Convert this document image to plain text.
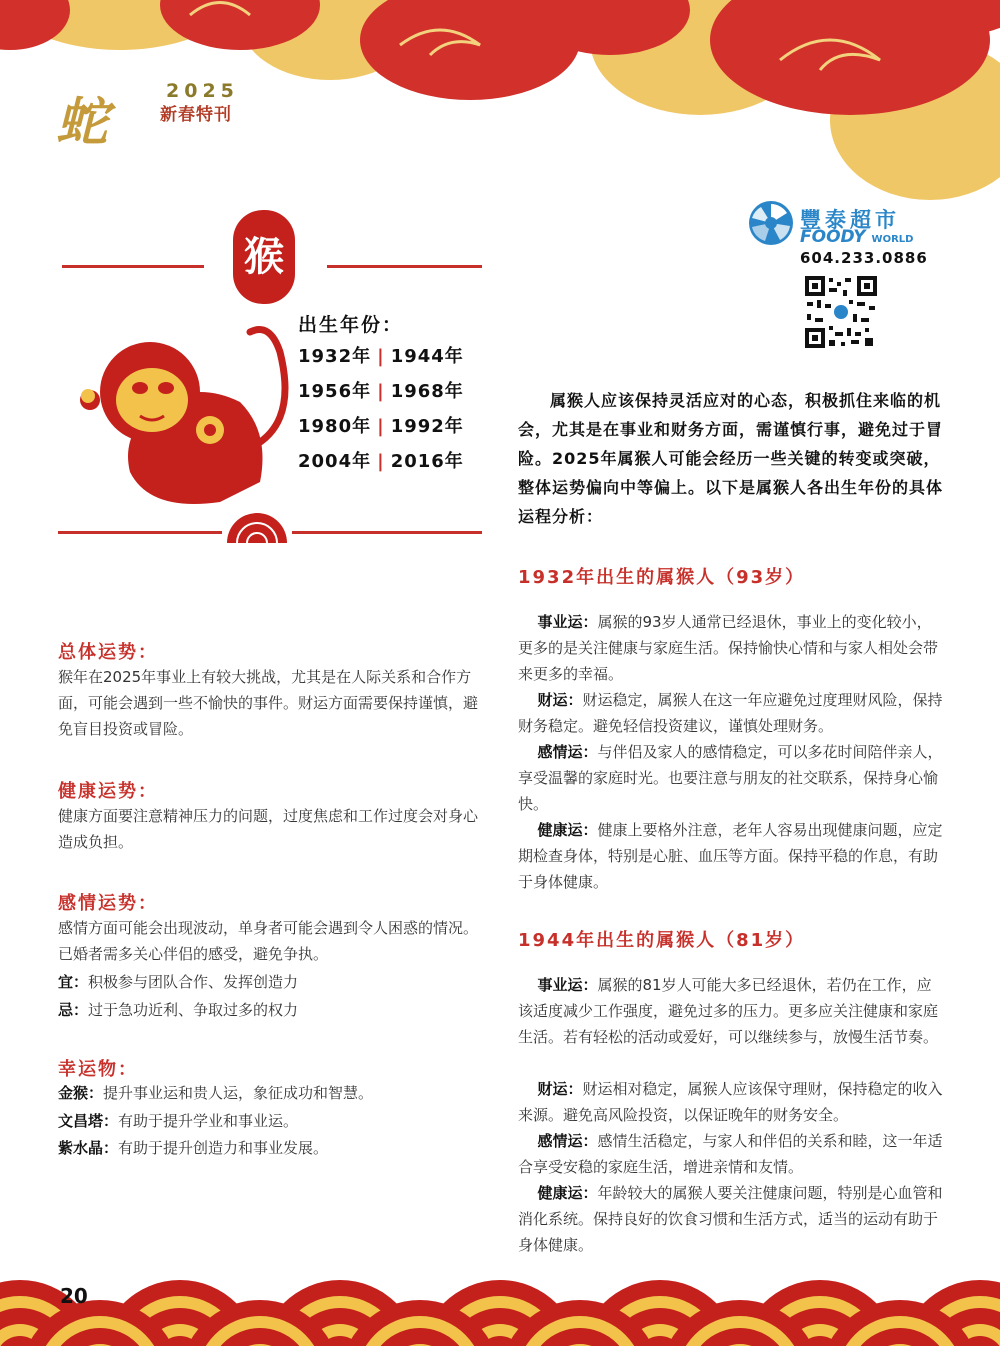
蛇
2025
新春特刊
猴
出生年份：
1932年 | 1944年
1956年 | 1968年
1980年 | 1992年
2004年 | 2016年
豐泰超市
FOODY WORLD
604.233.0886
属猴人应该保持灵活应对的心态，积极抓住来临的机会，尤其是在事业和财务方面，需谨慎行事，避免过于冒险。2025年属猴人可能会经历一些关键的转变或突破，整体运势偏向中等偏上。以下是属猴人各出生年份的具体运程分析：
总体运势：
猴年在2025年事业上有较大挑战，尤其是在人际关系和合作方面，可能会遇到一些不愉快的事件。财运方面需要保持谨慎，避免盲目投资或冒险。
健康运势：
健康方面要注意精神压力的问题，过度焦虑和工作过度会对身心造成负担。
感情运势：
感情方面可能会出现波动，单身者可能会遇到令人困惑的情况。已婚者需多关心伴侣的感受，避免争执。
宜：积极参与团队合作、发挥创造力
忌：过于急功近利、争取过多的权力
幸运物：
金猴：提升事业运和贵人运，象征成功和智慧。
文昌塔：有助于提升学业和事业运。
紫水晶：有助于提升创造力和事业发展。
1932年出生的属猴人（93岁）
事业运：属猴的93岁人通常已经退休，事业上的变化较小，更多的是关注健康与家庭生活。保持愉快心情和与家人相处会带来更多的幸福。
财运：财运稳定，属猴人在这一年应避免过度理财风险，保持财务稳定。避免轻信投资建议，谨慎处理财务。
感情运：与伴侣及家人的感情稳定，可以多花时间陪伴亲人，享受温馨的家庭时光。也要注意与朋友的社交联系，保持身心愉快。
健康运：健康上要格外注意，老年人容易出现健康问题，应定期检查身体，特别是心脏、血压等方面。保持平稳的作息，有助于身体健康。
1944年出生的属猴人（81岁）
事业运：属猴的81岁人可能大多已经退休，若仍在工作，应该适度减少工作强度，避免过多的压力。更多应关注健康和家庭生活。若有轻松的活动或爱好，可以继续参与，放慢生活节奏。
财运：财运相对稳定，属猴人应该保守理财，保持稳定的收入来源。避免高风险投资，以保证晚年的财务安全。
感情运：感情生活稳定，与家人和伴侣的关系和睦，这一年适合享受安稳的家庭生活，增进亲情和友情。
健康运：年龄较大的属猴人要关注健康问题，特别是心血管和消化系统。保持良好的饮食习惯和生活方式，适当的运动有助于身体健康。
20
